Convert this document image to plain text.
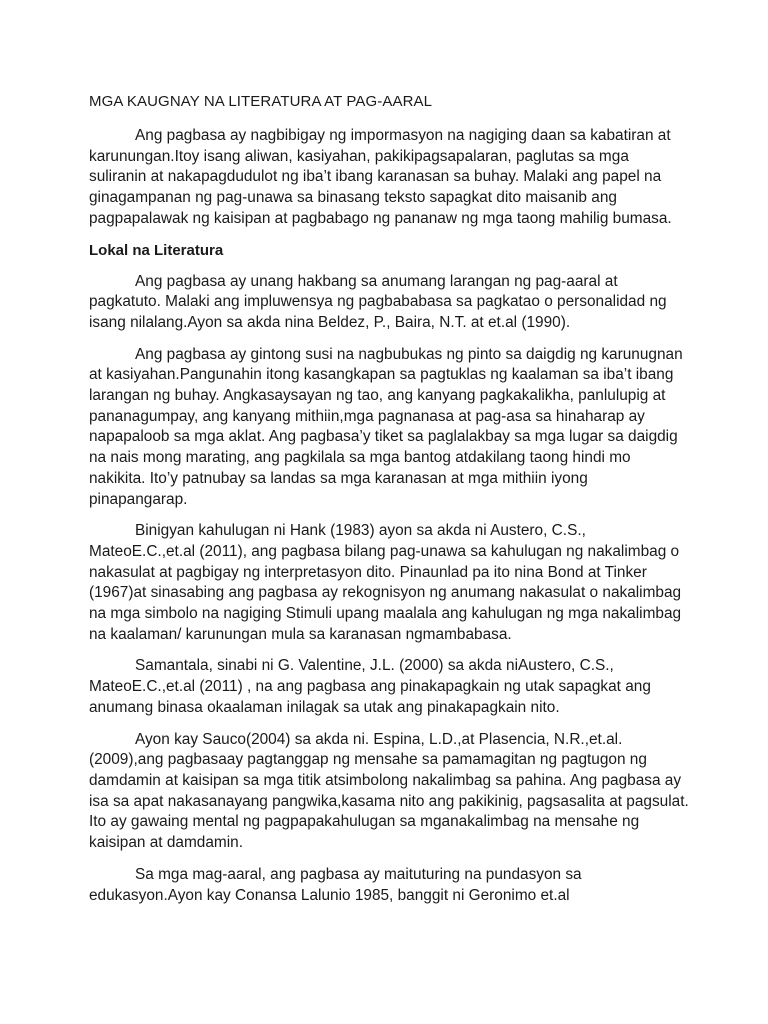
MGA KAUGNAY NA LITERATURA AT PAG-AARAL

Ang pagbasa ay nagbibigay ng impormasyon na nagiging daan sa kabatiran at
karunungan.Itoy isang aliwan, kasiyahan, pakikipagsapalaran, paglutas sa mga
suliranin at nakapagdudulot ng iba’t ibang karanasan sa buhay. Malaki ang papel na
ginagampanan ng pag-unawa sa binasang teksto sapagkat dito maisanib ang
pagpapalawak ng kaisipan at pagbabago ng pananaw ng mga taong mahilig bumasa.

Lokal na Literatura

Ang pagbasa ay unang hakbang sa anumang larangan ng pag-aaral at
pagkatuto. Malaki ang impluwensya ng pagbababasa sa pagkatao o personalidad ng
isang nilalang.Ayon sa akda nina Beldez, P., Baira, N.T. at et.al (1990).

Ang pagbasa ay gintong susi na nagbubukas ng pinto sa daigdig ng karunugnan
at kasiyahan.Pangunahin itong kasangkapan sa pagtuklas ng kaalaman sa iba’t ibang
larangan ng buhay. Angkasaysayan ng tao, ang kanyang pagkakalikha, panlulupig at
pananagumpay, ang kanyang mithiin,mga pagnanasa at pag-asa sa hinaharap ay
napapaloob sa mga aklat. Ang pagbasa’y tiket sa paglalakbay sa mga lugar sa daigdig
na nais mong marating, ang pagkilala sa mga bantog atdakilang taong hindi mo
nakikita. Ito’y patnubay sa landas sa mga karanasan at mga mithiin iyong
pinapangarap.

Binigyan kahulugan ni Hank (1983) ayon sa akda ni Austero, C.S.,
MateoE.C.,et.al (2011), ang pagbasa bilang pag-unawa sa kahulugan ng nakalimbag o
nakasulat at pagbigay ng interpretasyon dito. Pinaunlad pa ito nina Bond at Tinker
(1967)at sinasabing ang pagbasa ay rekognisyon ng anumang nakasulat o nakalimbag
na mga simbolo na nagiging Stimuli upang maalala ang kahulugan ng mga nakalimbag
na kaalaman/ karunungan mula sa karanasan ngmambabasa.

Samantala, sinabi ni G. Valentine, J.L. (2000) sa akda niAustero, C.S.,
MateoE.C.,et.al (2011) , na ang pagbasa ang pinakapagkain ng utak sapagkat ang
anumang binasa okaalaman inilagak sa utak ang pinakapagkain nito.

Ayon kay Sauco(2004) sa akda ni. Espina, L.D.,at Plasencia, N.R.,et.al.
(2009),ang pagbasaay pagtanggap ng mensahe sa pamamagitan ng pagtugon ng
damdamin at kaisipan sa mga titik atsimbolong nakalimbag sa pahina. Ang pagbasa ay
isa sa apat nakasanayang pangwika,kasama nito ang pakikinig, pagsasalita at pagsulat.
Ito ay gawaing mental ng pagpapakahulugan sa mganakalimbag na mensahe ng
kaisipan at damdamin.

Sa mga mag-aaral, ang pagbasa ay maituturing na pundasyon sa
edukasyon.Ayon kay Conansa Lalunio 1985, banggit ni Geronimo et.al
